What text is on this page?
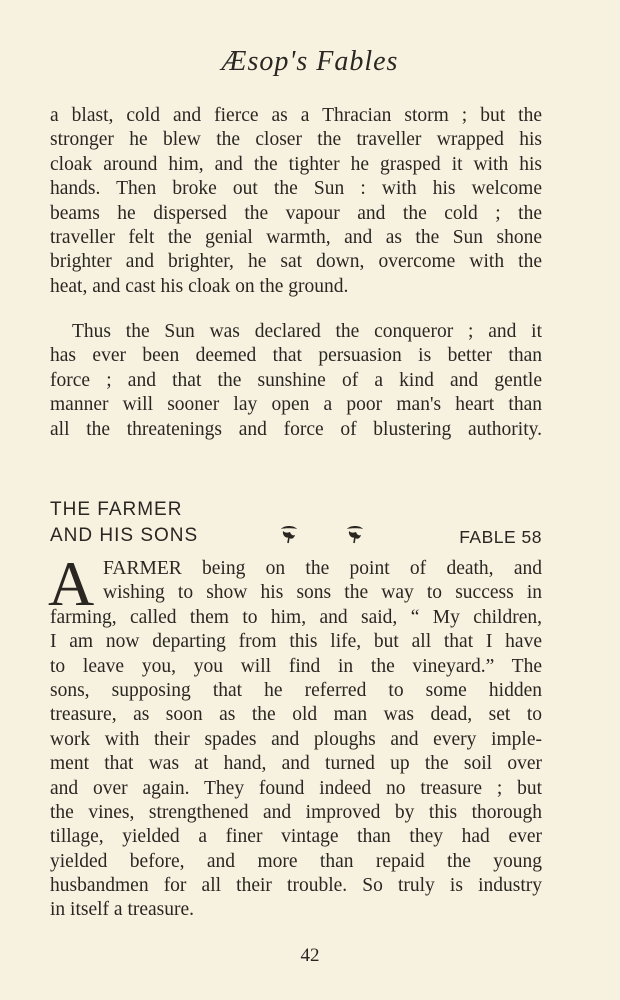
Æsop's Fables
a blast, cold and fierce as a Thracian storm ; but the
stronger he blew the closer the traveller wrapped his
cloak around him, and the tighter he grasped it with his
hands. Then broke out the Sun : with his welcome
beams he dispersed the vapour and the cold ; the
traveller felt the genial warmth, and as the Sun shone
brighter and brighter, he sat down, overcome with the
heat, and cast his cloak on the ground.
Thus the Sun was declared the conqueror ; and it
has ever been deemed that persuasion is better than
force ; and that the sunshine of a kind and gentle
manner will sooner lay open a poor man's heart than
all the threatenings and force of blustering authority.
THE FARMER
AND HIS SONS	FABLE 58
A FARMER being on the point of death, and
wishing to show his sons the way to success in
farming, called them to him, and said, “ My children,
I am now departing from this life, but all that I have
to leave you, you will find in the vineyard.” The
sons, supposing that he referred to some hidden
treasure, as soon as the old man was dead, set to
work with their spades and ploughs and every imple-
ment that was at hand, and turned up the soil over
and over again. They found indeed no treasure ; but
the vines, strengthened and improved by this thorough
tillage, yielded a finer vintage than they had ever
yielded before, and more than repaid the young
husbandmen for all their trouble. So truly is industry
in itself a treasure.
42
